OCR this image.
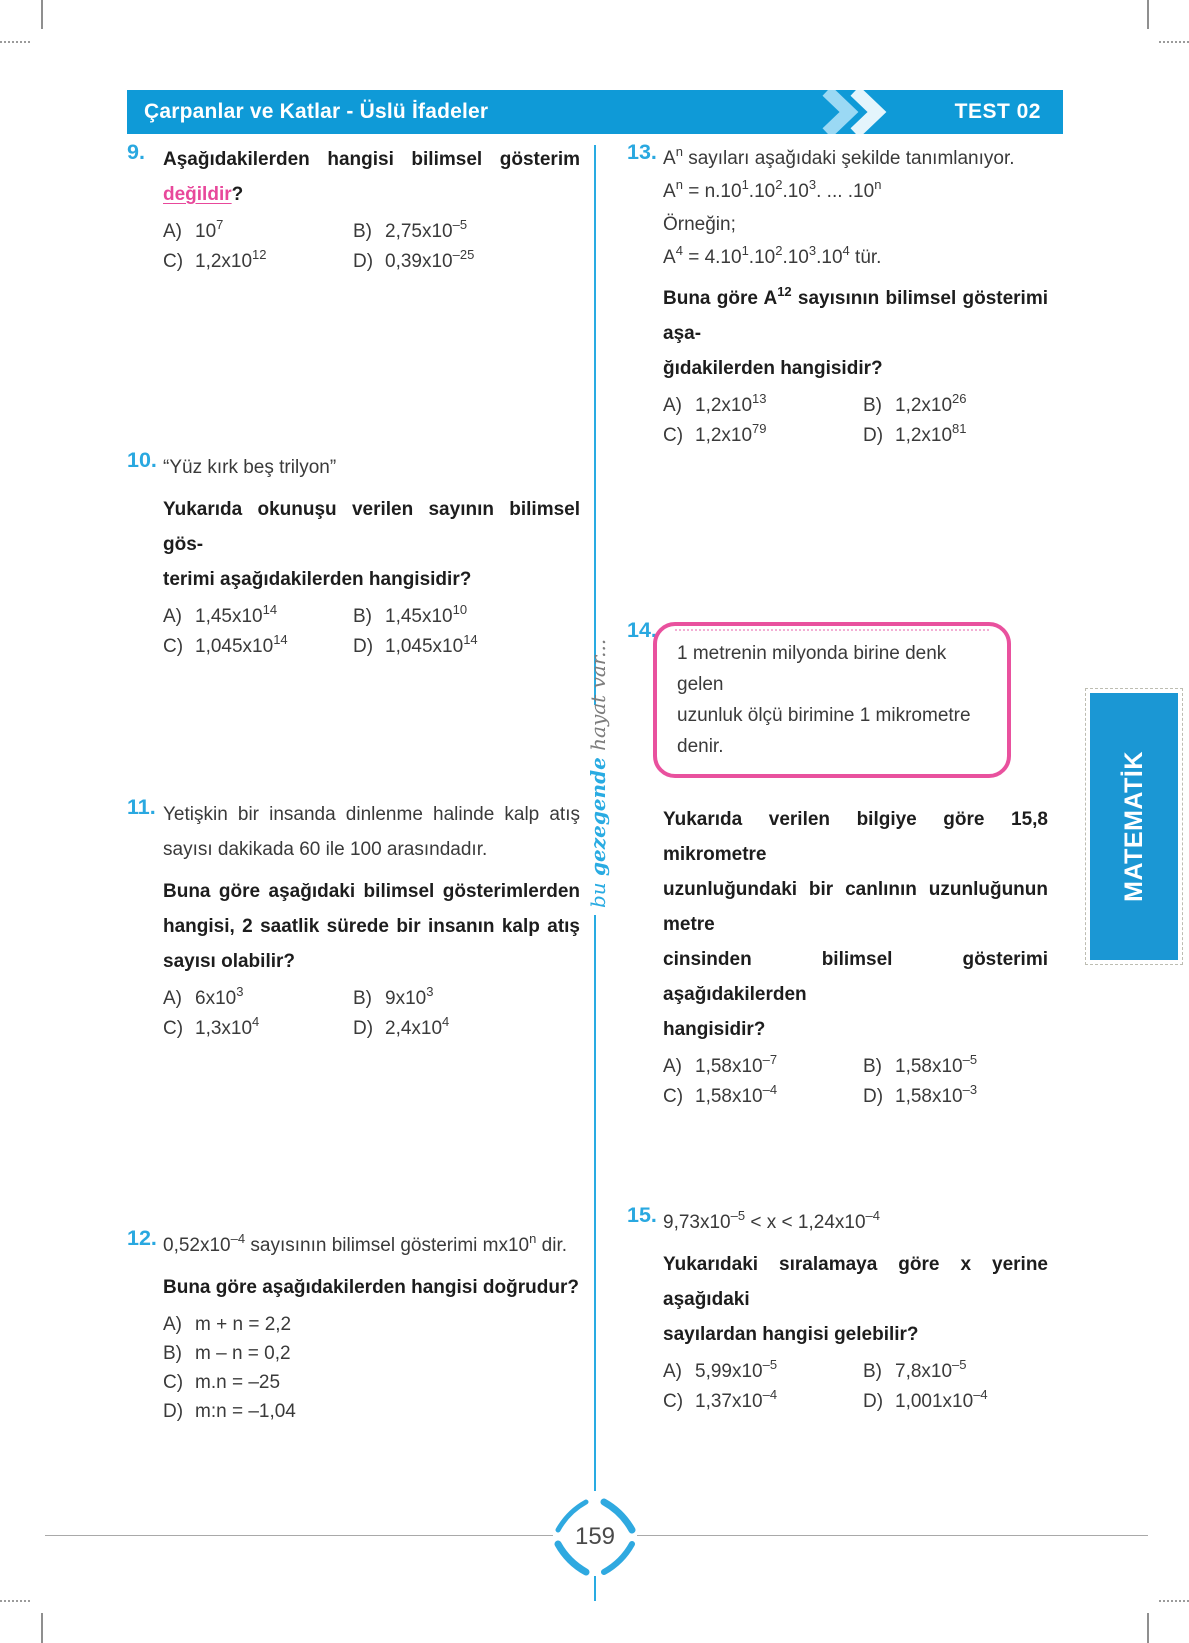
Çarpanlar ve Katlar - Üslü İfadeler	TEST 02
bu gezegende hayat var...
MATEMATİK
9. Aşağıdakilerden hangisi bilimsel gösterim
değildir?

A) $10^7$	B) $2,75x10^{-5}$
C) $1,2x10^{12}$	D) $0,39x10^{-25}$
10. “Yüz kırk beş trilyon”

Yukarıda okunuşu verilen sayının bilimsel gös-
terimi aşağıdakilerden hangisidir?

A) $1,45x10^{14}$	B) $1,45x10^{10}$
C) $1,045x10^{14}$	D) $1,045x10^{14}$
11. Yetişkin bir insanda dinlenme halinde kalp atış
sayısı dakikada 60 ile 100 arasındadır.

Buna göre aşağıdaki bilimsel gösterimlerden
hangisi, 2 saatlik sürede bir insanın kalp atış
sayısı olabilir?

A) $6x10^3$	B) $9x10^3$
C) $1,3x10^4$	D) $2,4x10^4$
12. $0,52x10^{-4}$ sayısının bilimsel gösterimi mx10$^n$ dir.

Buna göre aşağıdakilerden hangisi doğrudur?

A) m + n = 2,2
B) m – n = 0,2
C) m.n = –25
D) m:n = –1,04
13. $A^n$ sayıları aşağıdaki şekilde tanımlanıyor.
$A^n = n.10^1.10^2.10^3$. ... .10$^n$
Örneğin;
$A^4 = 4.10^1.10^2.10^3.10^4$ tür.

Buna göre $A^{12}$ sayısının bilimsel gösterimi aşa-
ğıdakilerden hangisidir?

A) $1,2x10^{13}$	B) $1,2x10^{26}$
C) $1,2x10^{79}$	D) $1,2x10^{81}$
14.
1 metrenin milyonda birine denk gelen
uzunluk ölçü birimine 1 mikrometre denir.

Yukarıda verilen bilgiye göre 15,8 mikrometre
uzunluğundaki bir canlının uzunluğunun metre
cinsinden bilimsel gösterimi aşağıdakilerden
hangisidir?

A) $1,58x10^{-7}$	B) $1,58x10^{-5}$
C) $1,58x10^{-4}$	D) $1,58x10^{-3}$
15. $9,73x10^{-5} < x < 1,24x10^{-4}$

Yukarıdaki sıralamaya göre x yerine aşağıdaki
sayılardan hangisi gelebilir?

A) $5,99x10^{-5}$	B) $7,8x10^{-5}$
C) $1,37x10^{-4}$	D) $1,001x10^{-4}$
159
